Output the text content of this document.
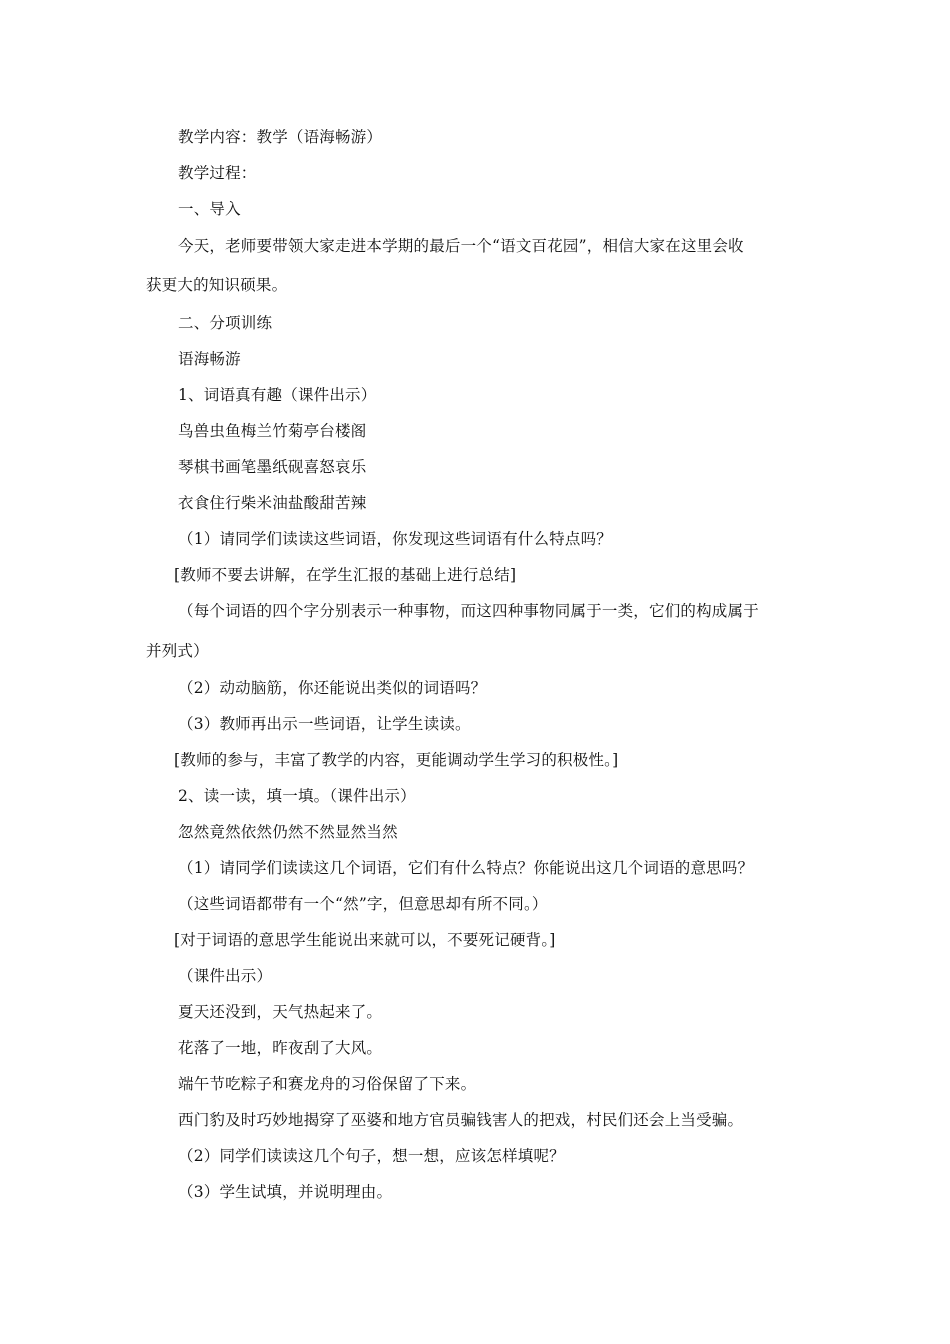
教学内容：教学（语海畅游）
教学过程：
一、导入
今天，老师要带领大家走进本学期的最后一个“语文百花园”，相信大家在这里会收
获更大的知识硕果。
二、分项训练
语海畅游
1、词语真有趣（课件出示）
鸟兽虫鱼梅兰竹菊亭台楼阁
琴棋书画笔墨纸砚喜怒哀乐
衣食住行柴米油盐酸甜苦辣
（1）请同学们读读这些词语，你发现这些词语有什么特点吗？
[教师不要去讲解，在学生汇报的基础上进行总结]
（每个词语的四个字分别表示一种事物，而这四种事物同属于一类，它们的构成属于
并列式）
（2）动动脑筋，你还能说出类似的词语吗？
（3）教师再出示一些词语，让学生读读。
[教师的参与，丰富了教学的内容，更能调动学生学习的积极性。]
2、读一读，填一填。（课件出示）
忽然竟然依然仍然不然显然当然
（1）请同学们读读这几个词语，它们有什么特点？你能说出这几个词语的意思吗？
（这些词语都带有一个“然”字，但意思却有所不同。）
[对于词语的意思学生能说出来就可以，不要死记硬背。]
（课件出示）
夏天还没到，天气热起来了。
花落了一地，昨夜刮了大风。
端午节吃粽子和赛龙舟的习俗保留了下来。
西门豹及时巧妙地揭穿了巫婆和地方官员骗钱害人的把戏，村民们还会上当受骗。
（2）同学们读读这几个句子，想一想，应该怎样填呢？
（3）学生试填，并说明理由。
